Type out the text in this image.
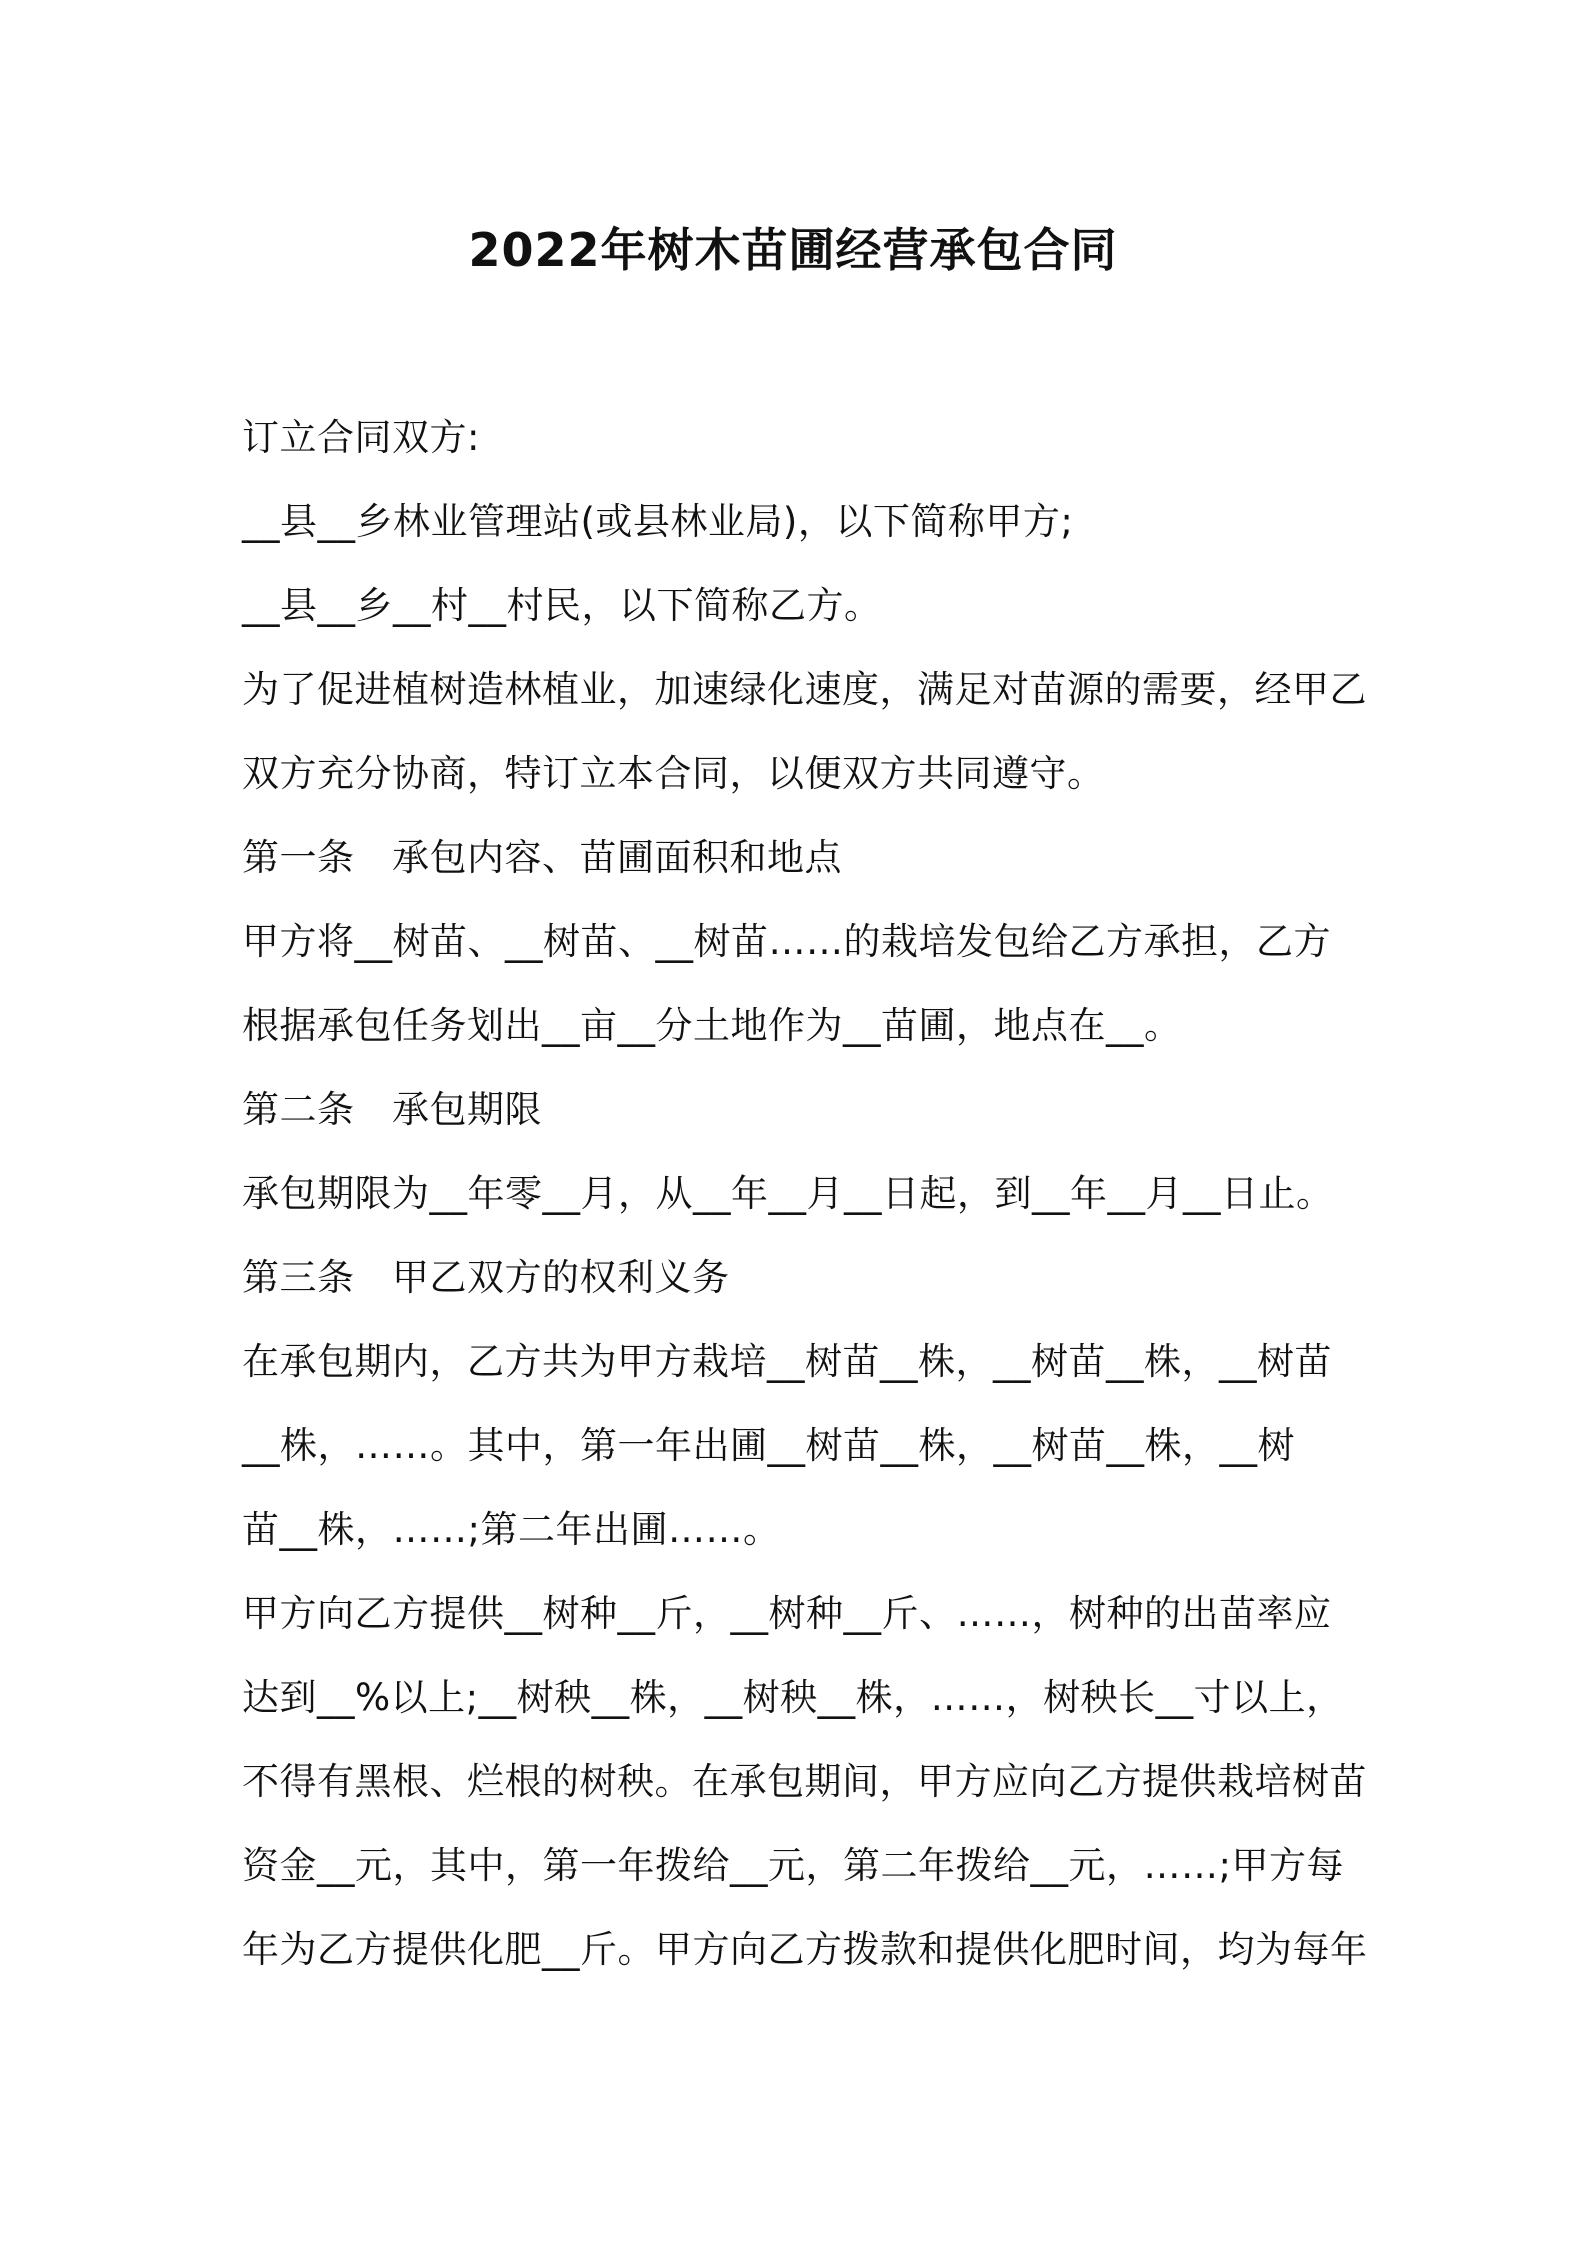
2022年树木苗圃经营承包合同
订立合同双方:
__县__乡林业管理站(或县林业局)，以下简称甲方;
__县__乡__村__村民，以下简称乙方。
为了促进植树造林植业，加速绿化速度，满足对苗源的需要，经甲乙
双方充分协商，特订立本合同，以便双方共同遵守。
第一条　承包内容、苗圃面积和地点
甲方将__树苗、__树苗、__树苗……的栽培发包给乙方承担，乙方
根据承包任务划出__亩__分土地作为__苗圃，地点在__。
第二条　承包期限
承包期限为__年零__月，从__年__月__日起，到__年__月__日止。
第三条　甲乙双方的权利义务
在承包期内，乙方共为甲方栽培__树苗__株，__树苗__株，__树苗
__株，……。其中，第一年出圃__树苗__株，__树苗__株，__树
苗__株，……;第二年出圃……。
甲方向乙方提供__树种__斤，__树种__斤、……，树种的出苗率应
达到__%以上;__树秧__株，__树秧__株，……，树秧长__寸以上，
不得有黑根、烂根的树秧。在承包期间，甲方应向乙方提供栽培树苗
资金__元，其中，第一年拨给__元，第二年拨给__元，……;甲方每
年为乙方提供化肥__斤。甲方向乙方拨款和提供化肥时间，均为每年
